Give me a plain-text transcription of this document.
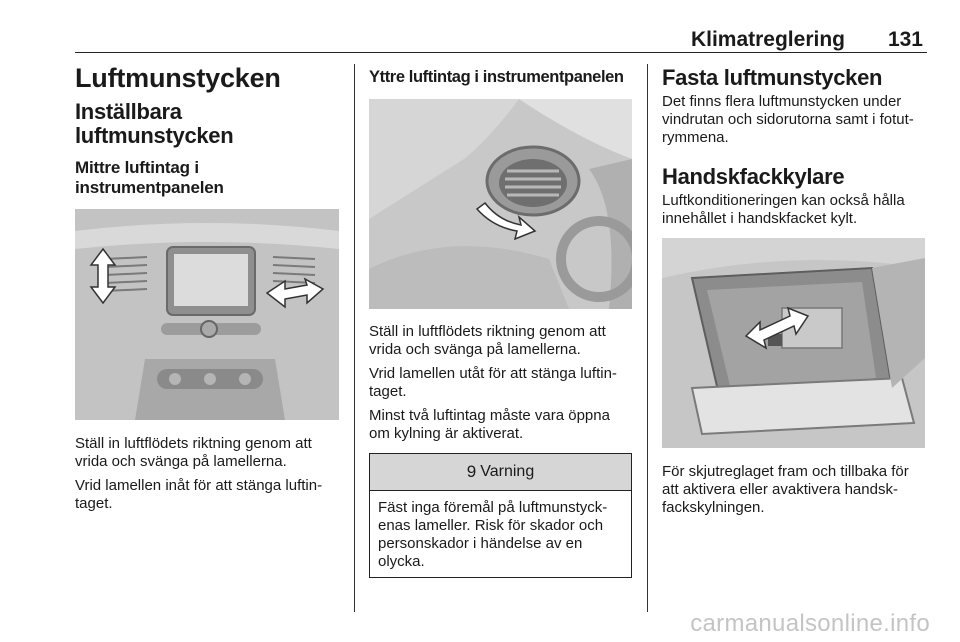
Klimatreglering 131
Luftmunstycken
Inställbara luftmunstycken
Mittre luftintag i
instrumentpanelen

Ställ in luftflödets riktning genom att vrida och svänga på lamellerna.

Vrid lamellen inåt för att stänga luftin-taget.

Yttre luftintag i instrumentpanelen

Ställ in luftflödets riktning genom att vrida och svänga på lamellerna.

Vrid lamellen utåt för att stänga luftin-taget.

Minst två luftintag måste vara öppna om kylning är aktiverat.

9 Varning
Fäst inga föremål på luftmunstyck-enas lameller. Risk för skador och personskador i händelse av en olycka.
Fasta luftmunstycken

Det finns flera luftmunstycken under vindrutan och sidorutorna samt i fotut-rymmena.

Handskfackkylare

Luftkonditioneringen kan också hålla innehållet i handskfacket kylt.

För skjutreglaget fram och tillbaka för att aktivera eller avaktivera handsk-fackskylningen.

carmanualsonline.info
